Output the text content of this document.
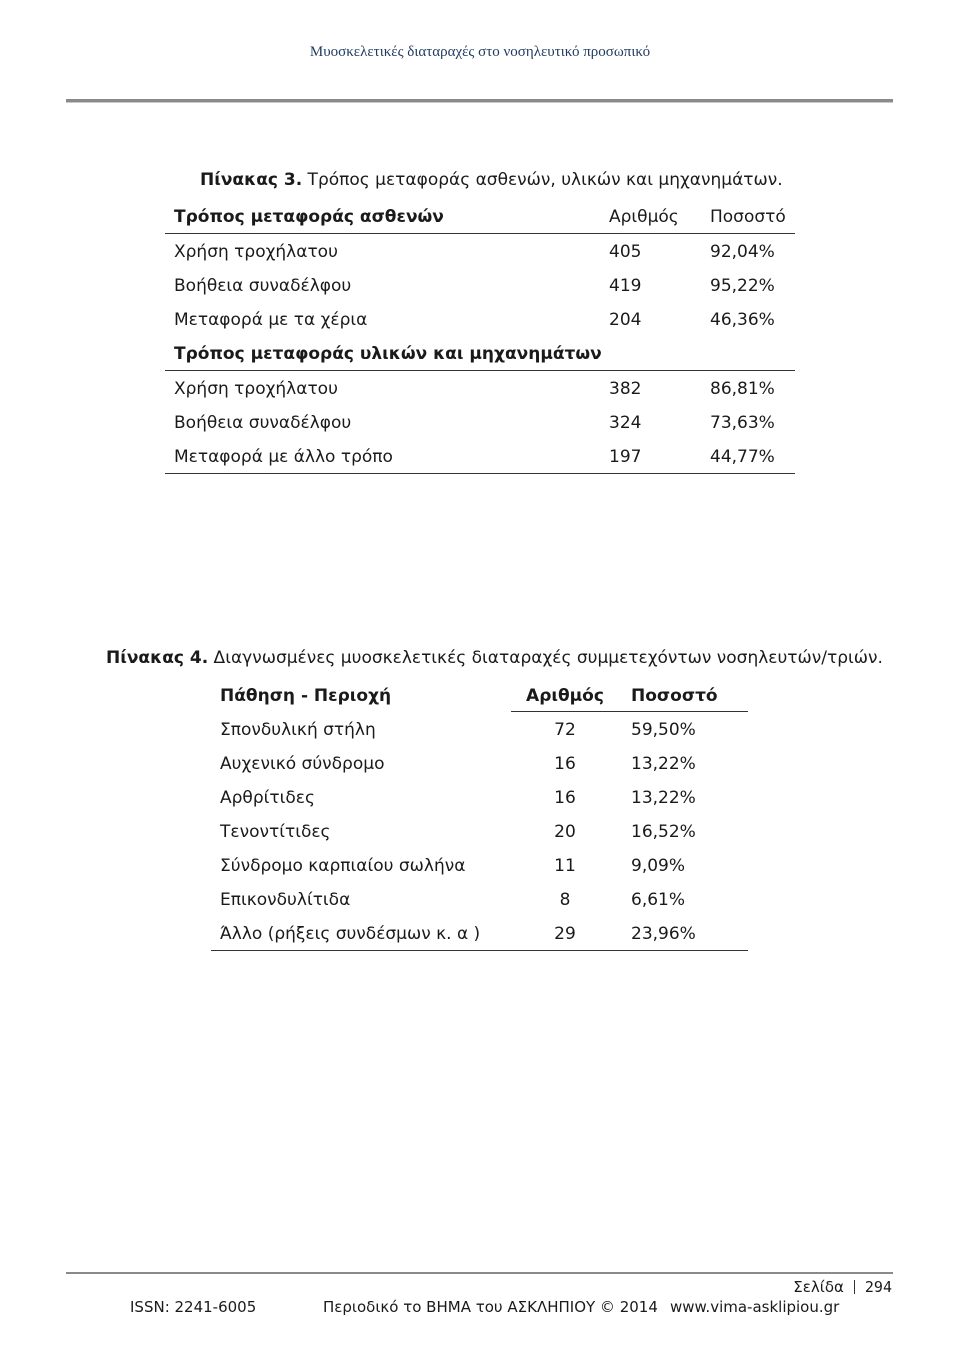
Μυοσκελετικές διαταραχές στο νοσηλευτικό προσωπικό
Πίνακας 3. Τρόπος μεταφοράς ασθενών, υλικών και μηχανημάτων.
Τρόπος μεταφοράς ασθενών	Αριθμός Ποσοστό
Χρήση τροχήλατου	405	92,04%
Βοήθεια συναδέλφου	419	95,22%
Μεταφορά με τα χέρια	204	46,36%
Τρόπος μεταφοράς υλικών και μηχανημάτων
Χρήση τροχήλατου	382	86,81%
Βοήθεια συναδέλφου	324	73,63%
Μεταφορά με άλλο τρόπο	197	44,77%
Πίνακας 4. Διαγνωσμένες μυοσκελετικές διαταραχές συμμετεχόντων νοσηλευτών/τριών.
Πάθηση - Περιοχή	Αριθμός	Ποσοστό
Σπονδυλική στήλη	72	59,50%
Αυχενικό σύνδρομο	16	13,22%
Αρθρίτιδες	16	13,22%
Τενοντίτιδες	20	16,52%
Σύνδρομο καρπιαίου σωλήνα	11	9,09%
Επικονδυλίτιδα	8	6,61%
Άλλο (ρήξεις συνδέσμων κ. α )	29	23,96%
Σελίδα 294
ISSN: 2241-6005	Περιοδικό το ΒΗΜΑ του ΑΣΚΛΗΠΙΟΥ © 2014 www.vima-asklipiou.gr
